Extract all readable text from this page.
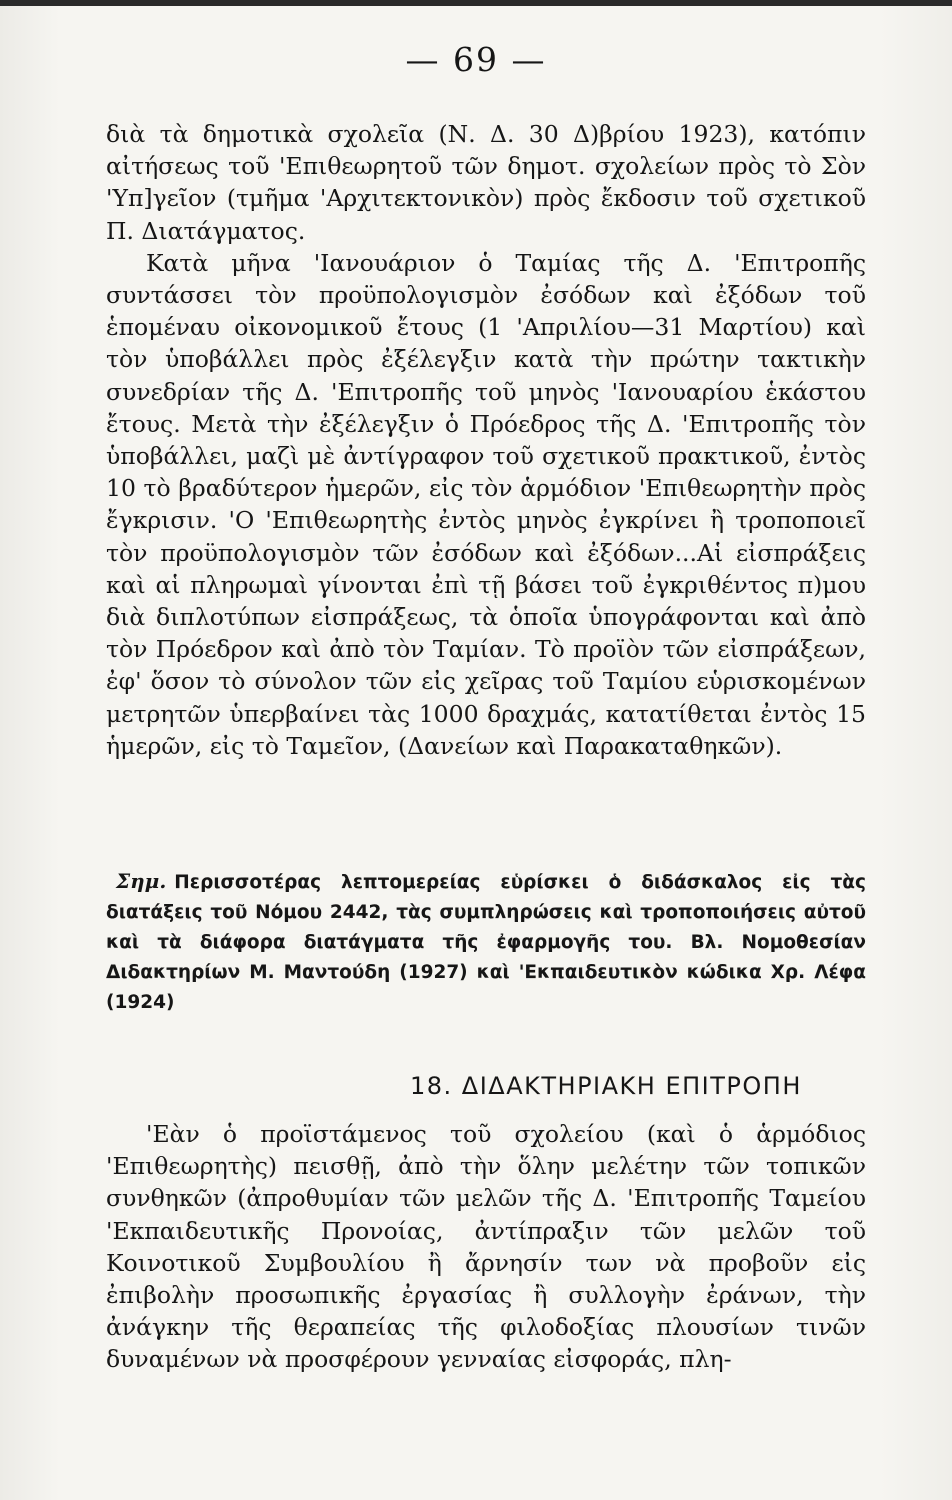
— 69 —

διὰ τὰ δημοτικὰ σχολεῖα (Ν. Δ. 30 Δ)βρίου 1923), κατόπιν αἰτήσεως τοῦ 'Επιθεωρητοῦ τῶν δημοτ. σχολείων πρὸς τὸ Σὸν 'Υπ]γεῖον (τμῆμα 'Αρχιτεκτονικὸν) πρὸς ἔκδοσιν τοῦ σχετικοῦ Π. Διατάγματος.

Κατὰ μῆνα 'Ιανουάριον ὁ Ταμίας τῆς Δ. 'Επιτροπῆς συντάσσει τὸν προϋπολογισμὸν ἐσόδων καὶ ἐξόδων τοῦ ἑπομέναυ οἰκονομικοῦ ἔτους (1 'Απριλίου—31 Μαρτίου) καὶ τὸν ὑποβάλλει πρὸς ἐξέλεγξιν κατὰ τὴν πρώτην τακτικὴν συνεδρίαν τῆς Δ. 'Επιτροπῆς τοῦ μηνὸς 'Ιανουαρίου ἑκάστου ἔτους. Μετὰ τὴν ἐξέλεγξιν ὁ Πρόεδρος τῆς Δ. 'Επιτροπῆς τὸν ὑποβάλλει, μαζὶ μὲ ἀντίγραφον τοῦ σχετικοῦ πρακτικοῦ, ἐντὸς 10 τὸ βραδύτερον ἡμερῶν, εἰς τὸν ἁρμόδιον 'Επιθεωρητὴν πρὸς ἔγκρισιν. 'Ο 'Επιθεωρητὴς ἐντὸς μηνὸς ἐγκρίνει ἢ τροποποιεῖ τὸν προϋπολογισμὸν τῶν ἐσόδων καὶ ἐξόδων...Αἱ εἰσπράξεις καὶ αἱ πληρωμαὶ γίνονται ἐπὶ τῇ βάσει τοῦ ἐγκριθέντος π)μου διὰ διπλοτύπων εἰσπράξεως, τὰ ὁποῖα ὑπογράφονται καὶ ἀπὸ τὸν Πρόεδρον καὶ ἀπὸ τὸν Ταμίαν. Τὸ προϊὸν τῶν εἰσπράξεων, ἐφ' ὅσον τὸ σύνολον τῶν εἰς χεῖρας τοῦ Ταμίου εὑρισκομένων μετρητῶν ὑπερβαίνει τὰς 1000 δραχμάς, κατατίθεται ἐντὸς 15 ἡμερῶν, εἰς τὸ Ταμεῖον, (Δανείων καὶ Παρακαταθηκῶν).

Σημ. Περισσοτέρας λεπτομερείας εὑρίσκει ὁ διδάσκαλος εἰς τὰς διατάξεις τοῦ Νόμου 2442, τὰς συμπληρώσεις καὶ τροποποιήσεις αὐτοῦ καὶ τὰ διάφορα διατάγματα τῆς ἐφαρμογῆς του. Βλ. Νομοθεσίαν Διδακτηρίων Μ. Μαντούδη (1927) καὶ 'Εκπαιδευτικὸν κώδικα Χρ. Λέφα (1924)
18. ΔΙΔΑΚΤΗΡΙΑΚΗ ΕΠΙΤΡΟΠΗ

'Εὰν ὁ προϊστάμενος τοῦ σχολείου (καὶ ὁ ἁρμόδιος 'Επιθεωρητὴς) πεισθῇ, ἀπὸ τὴν ὅλην μελέτην τῶν τοπικῶν συνθηκῶν (ἀπροθυμίαν τῶν μελῶν τῆς Δ. 'Επιτροπῆς Ταμείου 'Εκπαιδευτικῆς Προνοίας, ἀντίπραξιν τῶν μελῶν τοῦ Κοινοτικοῦ Συμβουλίου ἢ ἄρνησίν των νὰ προβοῦν εἰς ἐπιβολὴν προσωπικῆς ἐργασίας ἢ συλλογὴν ἐράνων, τὴν ἀνάγκην τῆς θεραπείας τῆς φιλοδοξίας πλουσίων τινῶν δυναμένων νὰ προσφέρουν γενναίας εἰσφοράς, πλη-
